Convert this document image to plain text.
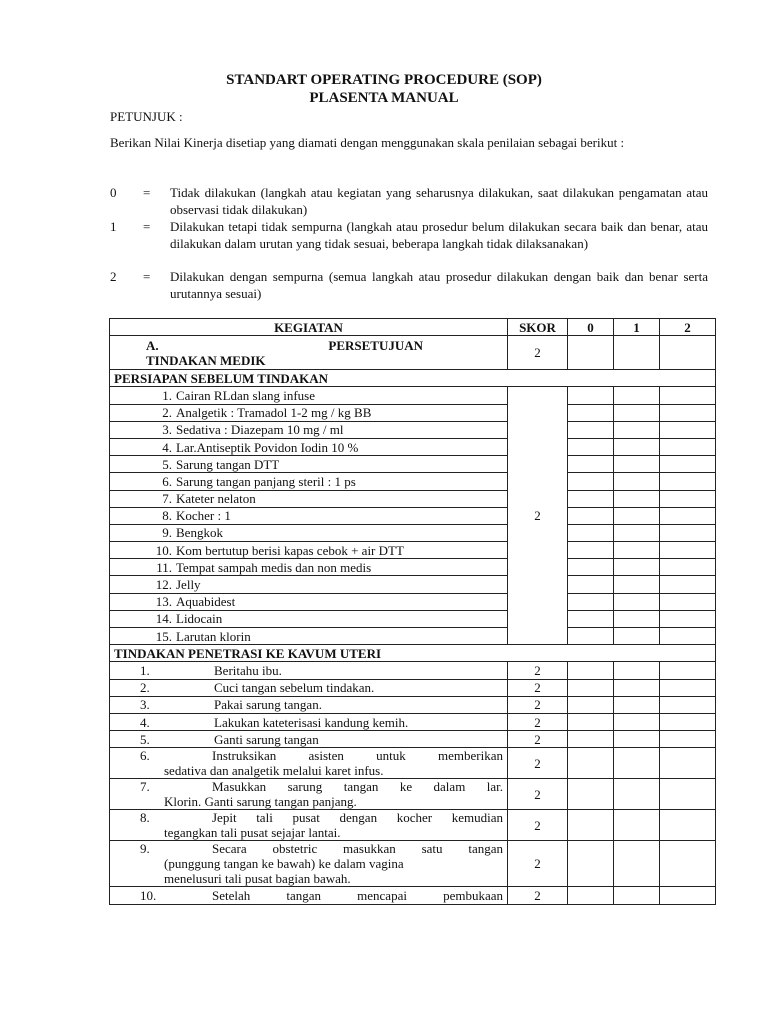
STANDART OPERATING PROCEDURE (SOP)
PLASENTA MANUAL
PETUNJUK :
Berikan Nilai Kinerja disetiap yang diamati dengan menggunakan skala penilaian sebagai berikut :
0 = Tidak dilakukan (langkah atau kegiatan yang seharusnya dilakukan, saat dilakukan pengamatan atau observasi tidak dilakukan)
1 = Dilakukan tetapi tidak sempurna (langkah atau prosedur belum dilakukan secara baik dan benar, atau dilakukan dalam urutan yang tidak sesuai, beberapa langkah tidak dilaksanakan)
2 = Dilakukan dengan sempurna (semua langkah atau prosedur dilakukan dengan baik dan benar serta urutannya sesuai)
KEGIATAN	SKOR	0	1	2

A. PERSETUJUAN
TINDAKAN MEDIK	2			
PERSIAPAN SEBELUM TINDAKAN				
1. Cairan RLdan slang infuse	2			
2. Analgetik : Tramadol 1-2 mg / kg BB				
3. Sedativa : Diazepam 10 mg / ml				
4. Lar.Antiseptik Povidon Iodin 10 %				
5. Sarung tangan DTT				
6. Sarung tangan panjang steril : 1 ps				
7. Kateter nelaton				
8. Kocher : 1				
9. Bengkok				
10. Kom bertutup berisi kapas cebok + air DTT				
11. Tempat sampah medis dan non medis				
12. Jelly				
13. Aquabidest				
14. Lidocain				
15. Larutan klorin				
TINDAKAN PENETRASI KE KAVUM UTERI				
1. Beritahu ibu.	2			
2. Cuci tangan sebelum tindakan.	2			
3. Pakai sarung tangan.	2			
4. Lakukan kateterisasi kandung kemih.	2			
5. Ganti sarung tangan	2			

6. Instruksikan asisten untuk memberikan
sedativa dan analgetik melalui karet infus.	2			

7. Masukkan sarung tangan ke dalam lar.
Klorin. Ganti sarung tangan panjang.	2			

8. Jepit tali pusat dengan kocher kemudian
tegangkan tali pusat sejajar lantai.	2			

9. Secara obstetric masukkan satu tangan
(punggung tangan ke bawah) ke dalam vagina
menelusuri tali pusat bagian bawah.	2			

10. Setelah tangan mencapai pembukaan	2			
